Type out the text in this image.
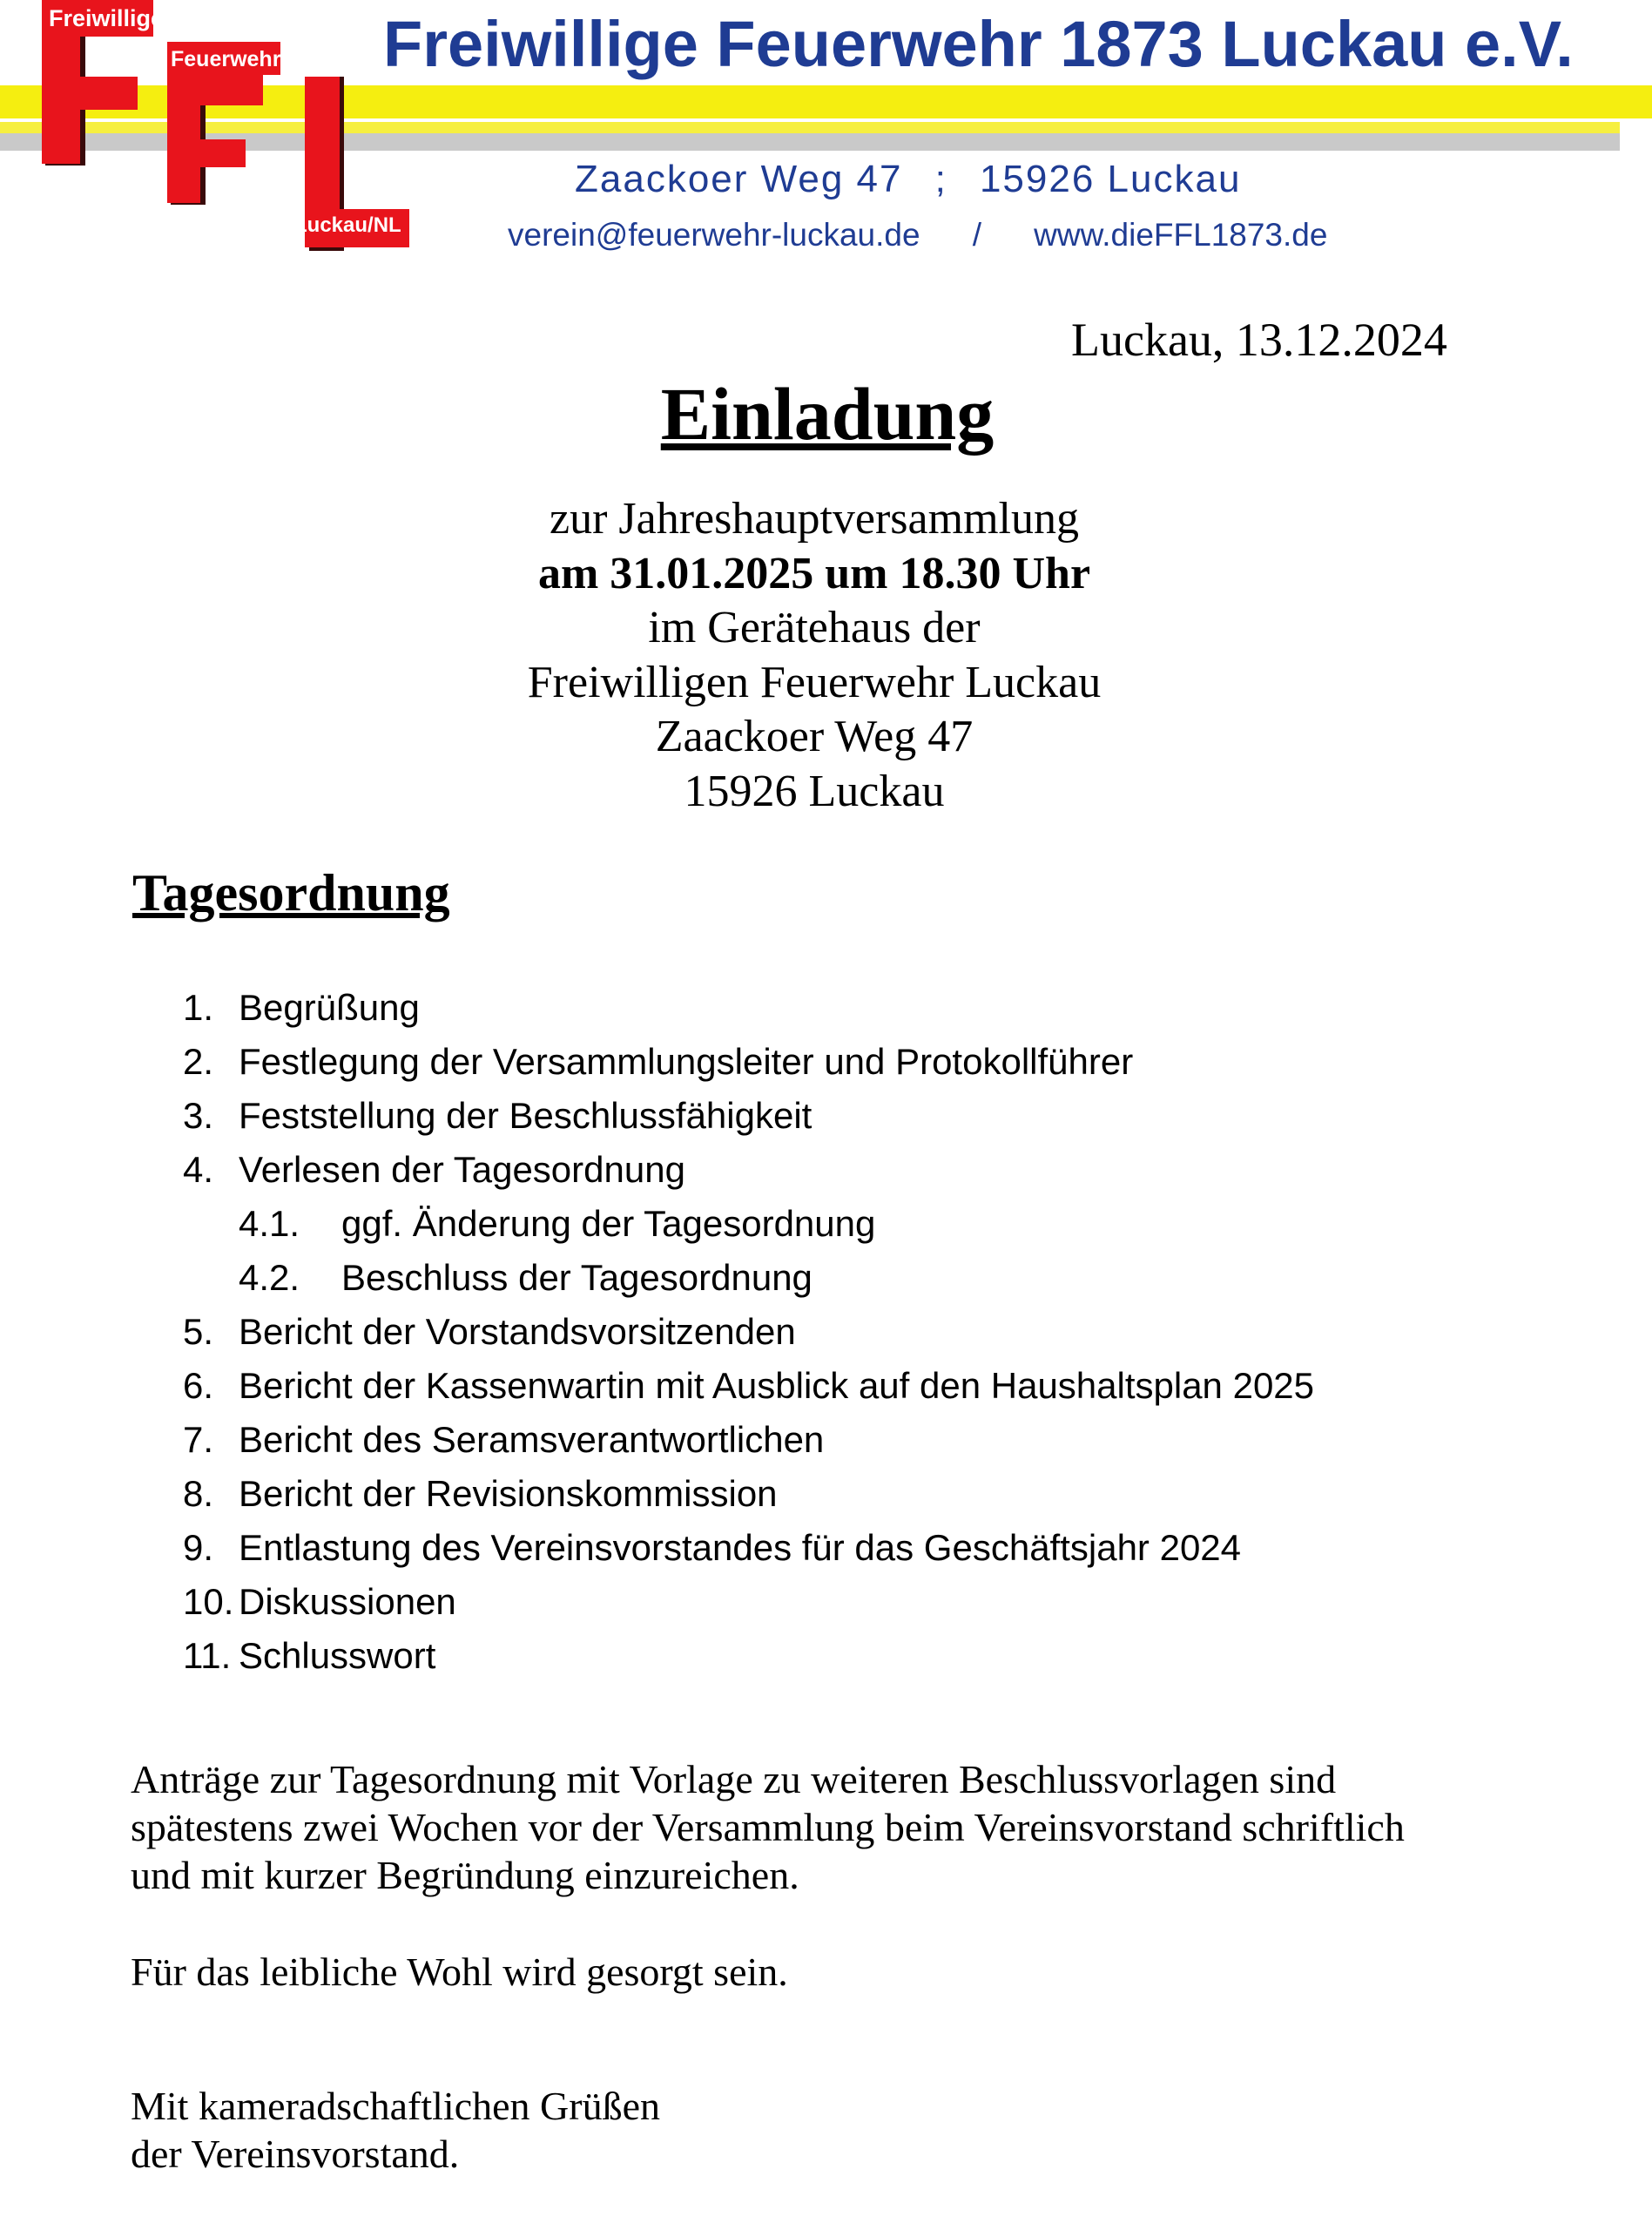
Freiwillige
Feuerwehr
Luckau/NL
Freiwillige Feuerwehr 1873 Luckau e.V.
Zaackoer Weg 47 ; 15926 Luckau
verein@feuerwehr-luckau.de / www.dieFFL1873.de
Luckau, 13.12.2024
Einladung
zur Jahreshauptversammlung
am 31.01.2025 um 18.30 Uhr
im Gerätehaus der
Freiwilligen Feuerwehr Luckau
Zaackoer Weg 47
15926 Luckau
Tagesordnung
1. Begrüßung
2. Festlegung der Versammlungsleiter und Protokollführer
3. Feststellung der Beschlussfähigkeit
4. Verlesen der Tagesordnung
4.1. ggf. Änderung der Tagesordnung
4.2. Beschluss der Tagesordnung
5. Bericht der Vorstandsvorsitzenden
6. Bericht der Kassenwartin mit Ausblick auf den Haushaltsplan 2025
7. Bericht des Seramsverantwortlichen
8. Bericht der Revisionskommission
9. Entlastung des Vereinsvorstandes für das Geschäftsjahr 2024
10. Diskussionen
11. Schlusswort
Anträge zur Tagesordnung mit Vorlage zu weiteren Beschlussvorlagen sind
spätestens zwei Wochen vor der Versammlung beim Vereinsvorstand schriftlich
und mit kurzer Begründung einzureichen.
Für das leibliche Wohl wird gesorgt sein.
Mit kameradschaftlichen Grüßen
der Vereinsvorstand.
